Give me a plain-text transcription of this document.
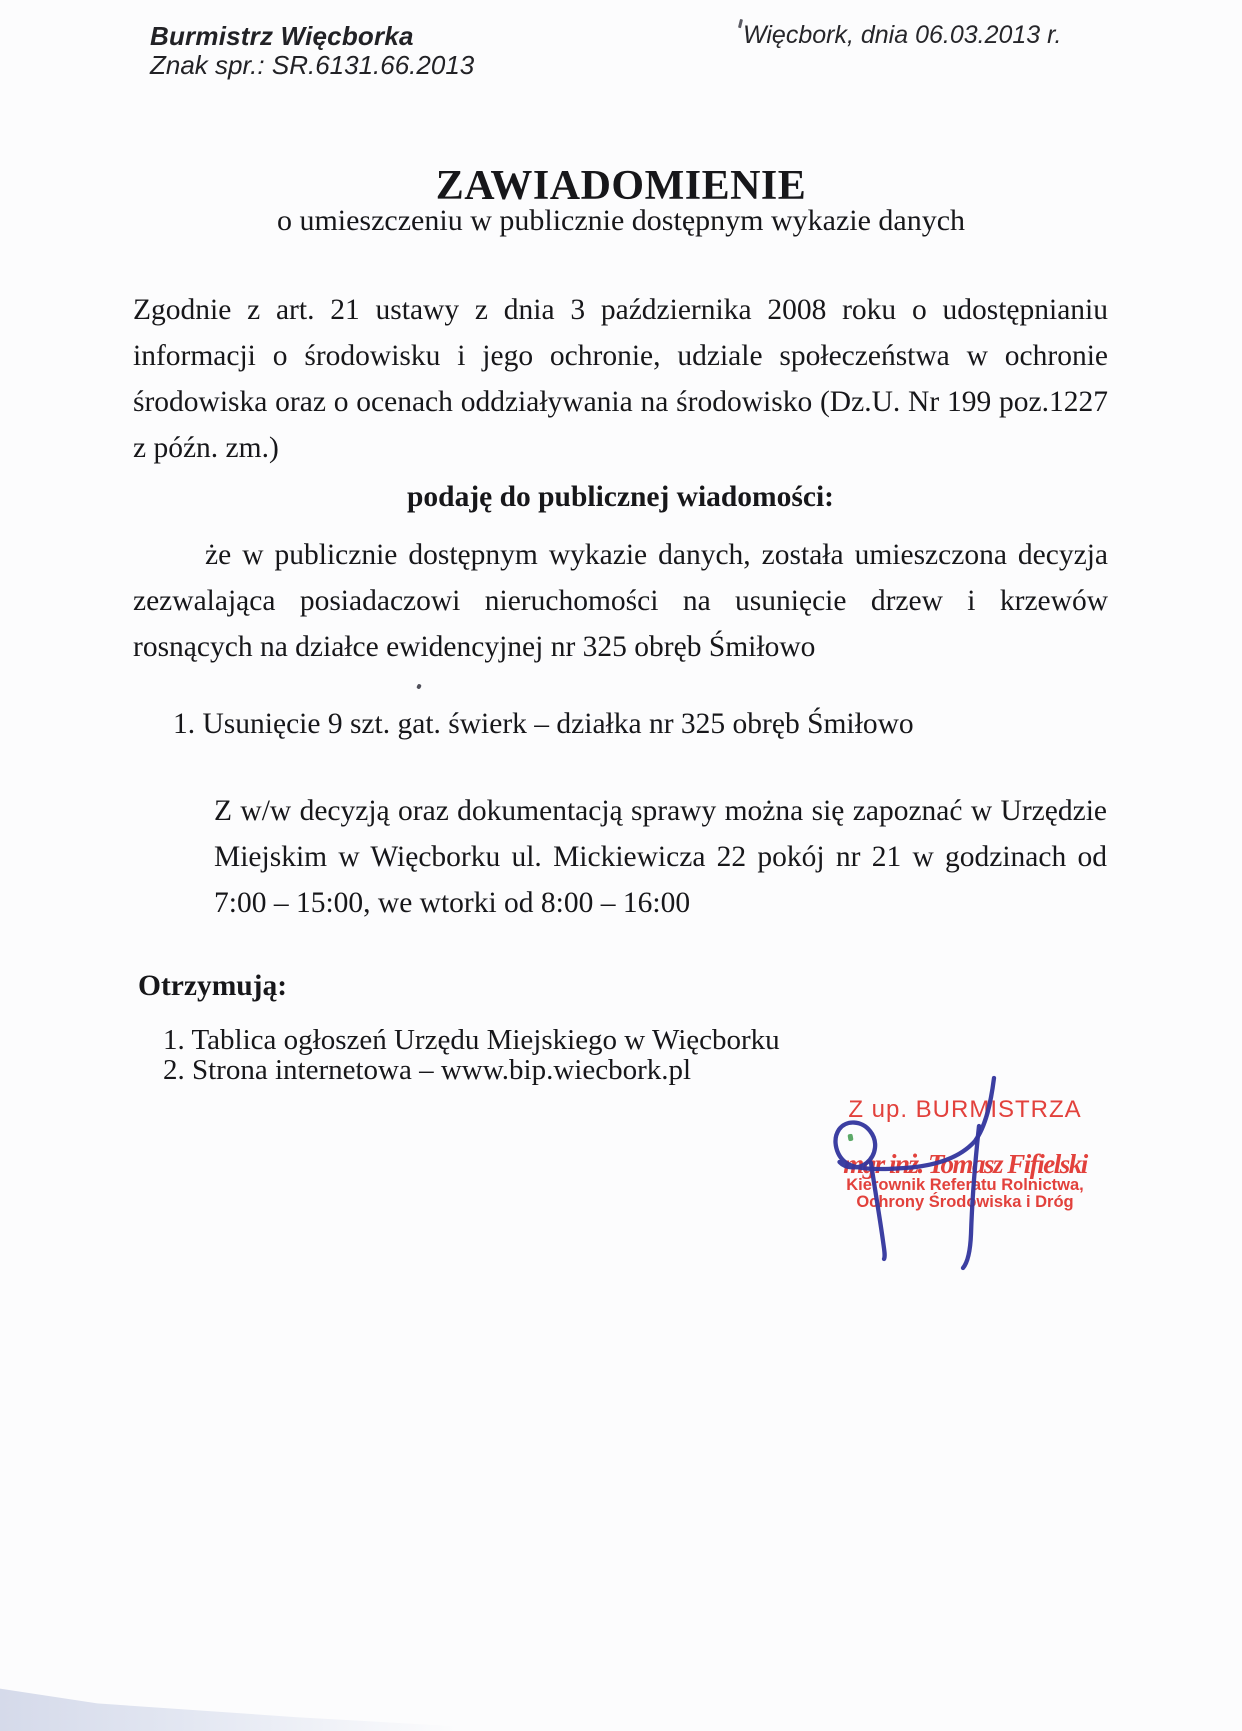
Burmistrz Więcborka
Znak spr.: SR.6131.66.2013
Więcbork, dnia 06.03.2013 r.
ZAWIADOMIENIE
o umieszczeniu w publicznie dostępnym wykazie danych
Zgodnie z art. 21 ustawy z dnia 3 października 2008 roku o udostępnianiu informacji o środowisku i jego ochronie, udziale społeczeństwa w ochronie środowiska oraz o ocenach oddziaływania na środowisko (Dz.U. Nr 199 poz.1227 z późn. zm.)
podaję do publicznej wiadomości:
że w publicznie dostępnym wykazie danych, została umieszczona decyzja zezwalająca posiadaczowi nieruchomości na usunięcie drzew i krzewów rosnących na działce ewidencyjnej nr 325 obręb Śmiłowo
1. Usunięcie 9 szt. gat. świerk – działka nr 325 obręb Śmiłowo
Z w/w decyzją oraz dokumentacją sprawy można się zapoznać w Urzędzie Miejskim w Więcborku ul. Mickiewicza 22 pokój nr 21 w godzinach od 7:00 – 15:00, we wtorki od 8:00 – 16:00
Otrzymują:
1. Tablica ogłoszeń Urzędu Miejskiego w Więcborku
2. Strona internetowa – www.bip.wiecbork.pl
Z up. BURMISTRZA
mgr inż. Tomasz Fifielski
Kierownik Referatu Rolnictwa,
Ochrony Środowiska i Dróg
